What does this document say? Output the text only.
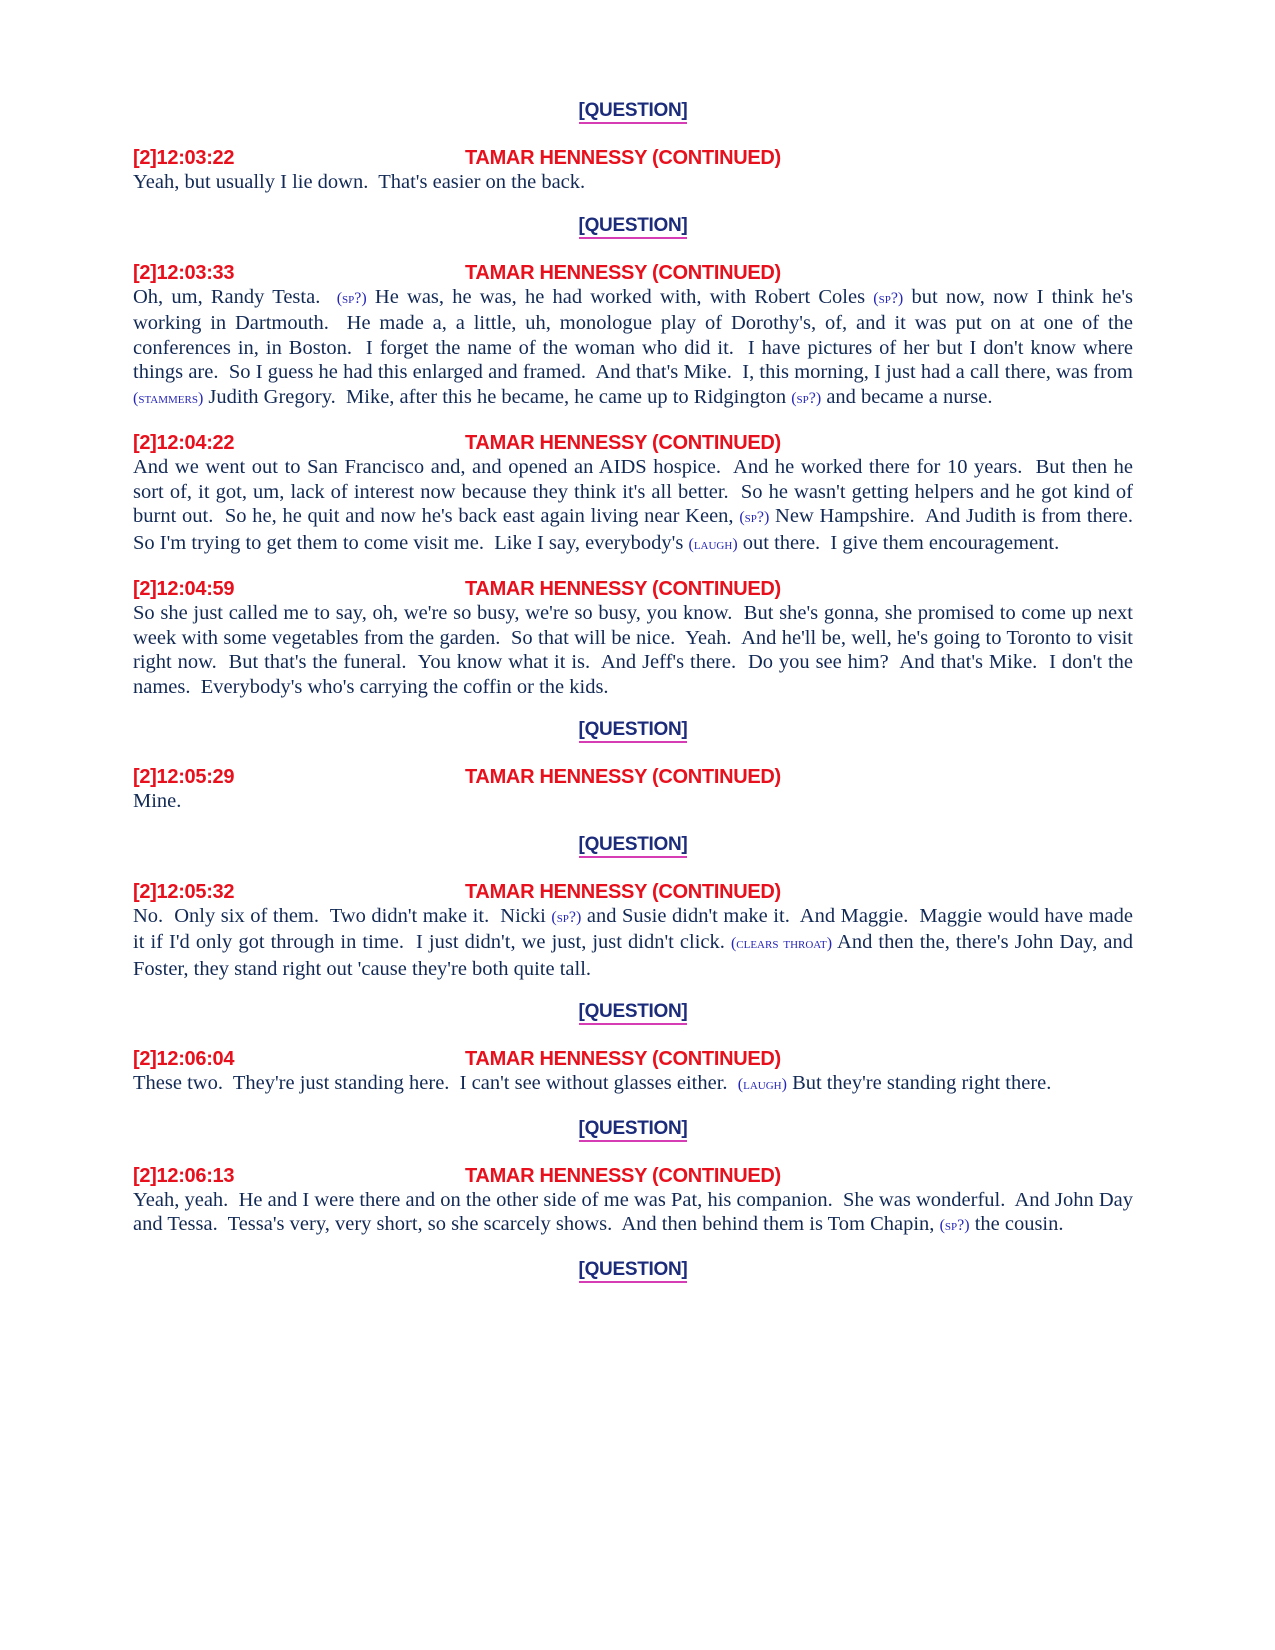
[QUESTION]
[2]12:03:22	TAMAR HENNESSY (CONTINUED)

Yeah, but usually I lie down.  That's easier on the back.

[QUESTION]
[2]12:03:33	TAMAR HENNESSY (CONTINUED)

Oh, um, Randy Testa.  (sp?) He was, he was, he had worked with, with Robert Coles (sp?) but now, now I think he's working in Dartmouth.  He made a, a little, uh, monologue play of Dorothy's, of, and it was put on at one of the conferences in, in Boston.  I forget the name of the woman who did it.  I have pictures of her but I don't know where things are.  So I guess he had this enlarged and framed.  And that's Mike.  I, this morning, I just had a call there, was from (stammers) Judith Gregory.  Mike, after this he became, he came up to Ridgington (sp?) and became a nurse.

[2]12:04:22	TAMAR HENNESSY (CONTINUED)

And we went out to San Francisco and, and opened an AIDS hospice.  And he worked there for 10 years.  But then he sort of, it got, um, lack of interest now because they think it's all better.  So he wasn't getting helpers and he got kind of burnt out.  So he, he quit and now he's back east again living near Keen, (sp?) New Hampshire.  And Judith is from there.  So I'm trying to get them to come visit me.  Like I say, everybody's (laugh) out there.  I give them encouragement.

[2]12:04:59	TAMAR HENNESSY (CONTINUED)

So she just called me to say, oh, we're so busy, we're so busy, you know.  But she's gonna, she promised to come up next week with some vegetables from the garden.  So that will be nice.  Yeah.  And he'll be, well, he's going to Toronto to visit right now.  But that's the funeral.  You know what it is.  And Jeff's there.  Do you see him?  And that's Mike.  I don't the names.  Everybody's who's carrying the coffin or the kids.

[QUESTION]
[2]12:05:29	TAMAR HENNESSY (CONTINUED)

Mine.

[QUESTION]
[2]12:05:32	TAMAR HENNESSY (CONTINUED)

No.  Only six of them.  Two didn't make it.  Nicki (sp?) and Susie didn't make it.  And Maggie.  Maggie would have made it if I'd only got through in time.  I just didn't, we just, just didn't click. (clears throat) And then the, there's John Day, and Foster, they stand right out 'cause they're both quite tall.

[QUESTION]
[2]12:06:04	TAMAR HENNESSY (CONTINUED)

These two.  They're just standing here.  I can't see without glasses either.  (laugh) But they're standing right there.

[QUESTION]
[2]12:06:13	TAMAR HENNESSY (CONTINUED)

Yeah, yeah.  He and I were there and on the other side of me was Pat, his companion.  She was wonderful.  And John Day and Tessa.  Tessa's very, very short, so she scarcely shows.  And then behind them is Tom Chapin, (sp?) the cousin.

[QUESTION]
